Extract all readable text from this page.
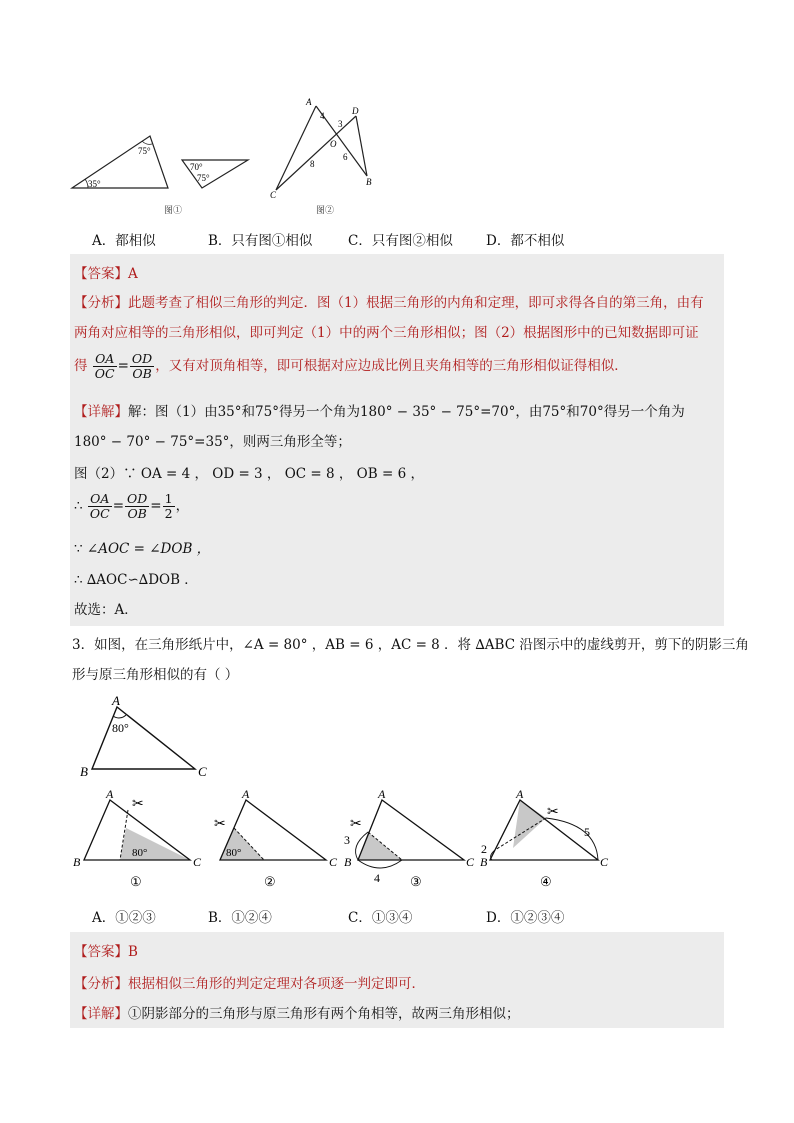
75°
35°
70°
75°
图①
A
D
O
C
B
4
3
8
6
图②
A．都相似	B．只有图①相似	C．只有图②相似 D．都不相似
【答案】A
【分析】此题考查了相似三角形的判定．图（1）根据三角形的内角和定理，即可求得各自的第三角，由有
两角对应相等的三角形相似，即可判定（1）中的两个三角形相似；图（2）根据图形中的已知数据即可证
得 $\frac{OA}{OC} = \frac{OD}{OB}$ ，又有对顶角相等，即可根据对应边成比例且夹角相等的三角形相似证得相似．
【详解】解：图（1）由35°和75°得另一个角为180° − 35° − 75°=70°，由75°和70°得另一个角为
180° − 70° − 75°=35°，则两三角形全等；
图（2）∵ OA = 4 ， OD = 3 ， OC = 8 ， OB = 6 ，
∴ $\frac{OA}{OC} = \frac{OD}{OB} = \frac{1}{2}$ ，
∵ ∠AOC = ∠DOB ，
∴ ∆AOC∽∆DOB ．
故选：A．
3．如图，在三角形纸片中，∠A = 80° ，AB = 6 ，AC = 8 ．将 ∆ABC 沿图示中的虚线剪开，剪下的阴影三角
形与原三角形相似的有（ ）
A
B	C
80°
✂
A
B	C
80°
①
✂
A
C
80°
②
✂
3
4
A
B	C
③
✂
2
5
A
B	C
④
A．①②③	B．①②④	C．①③④	D．①②③④
【答案】B
【分析】根据相似三角形的判定定理对各项逐一判定即可．
【详解】①阴影部分的三角形与原三角形有两个角相等，故两三角形相似；
